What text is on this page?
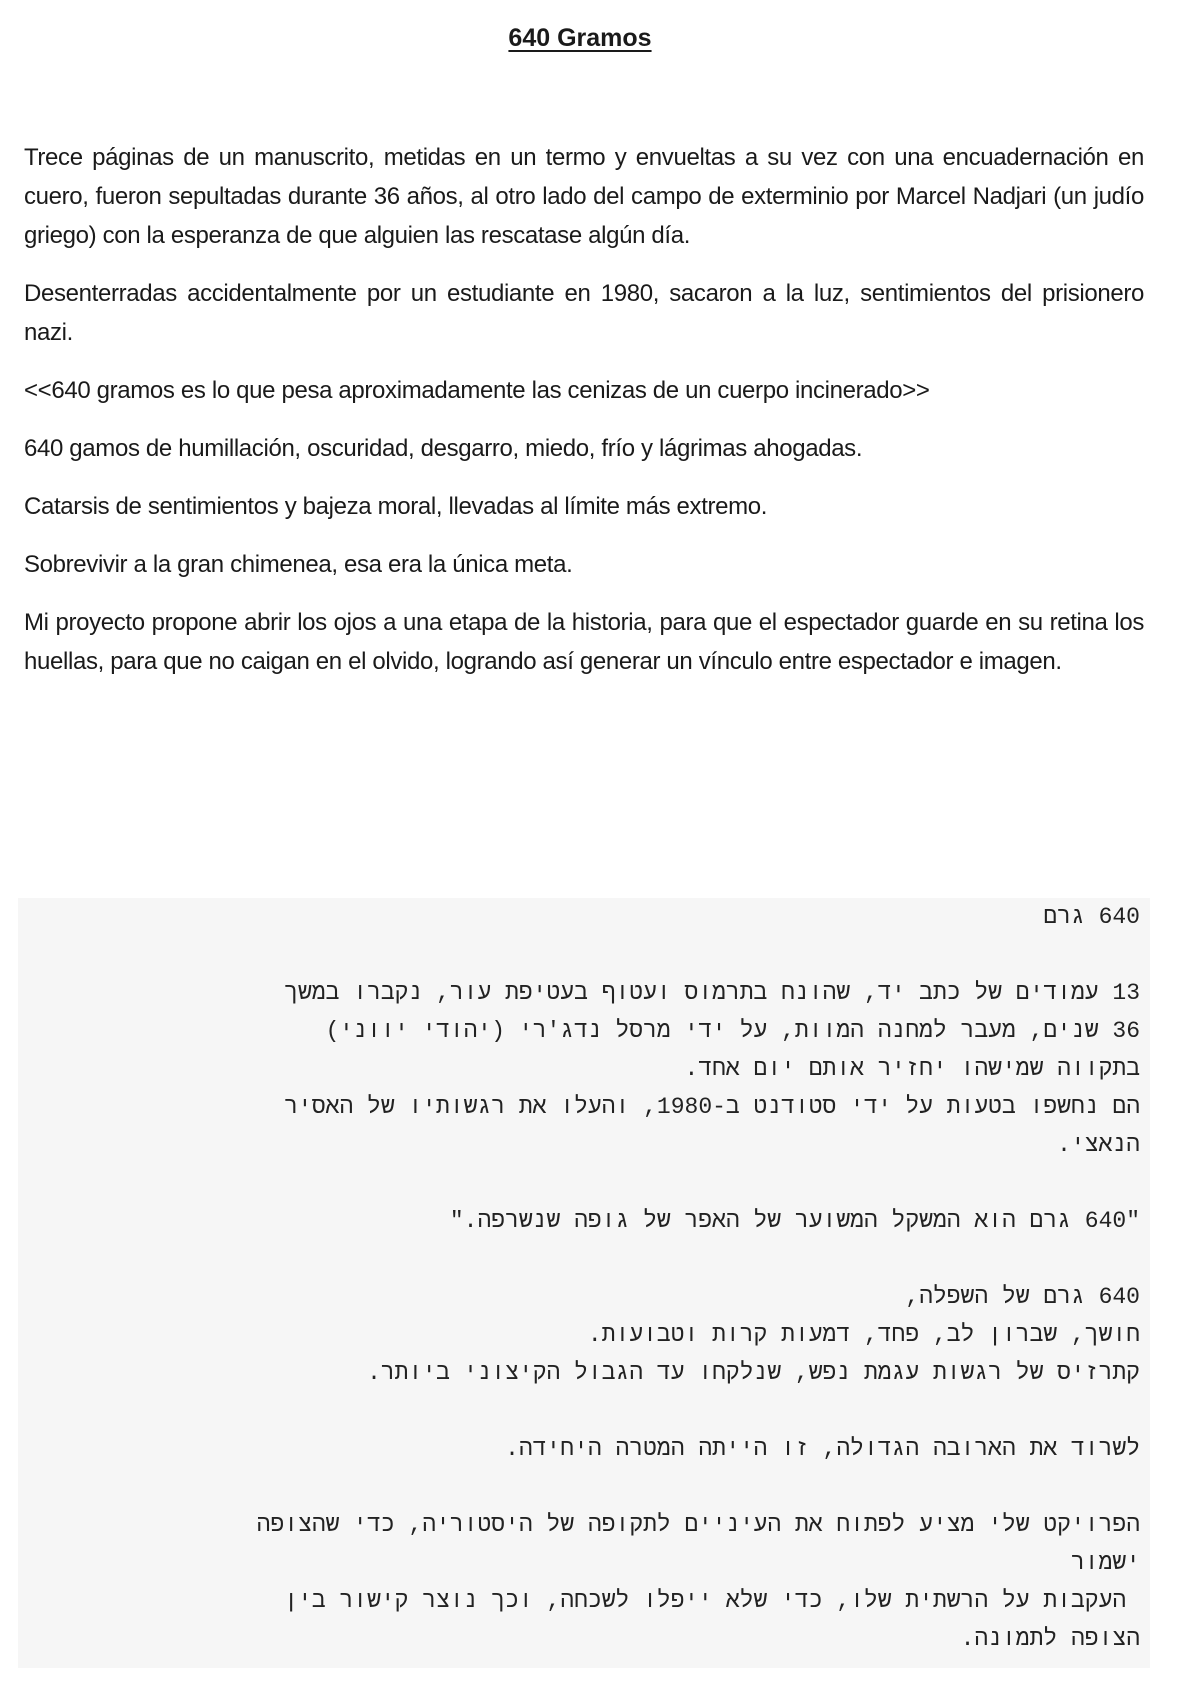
640 Gramos

Trece páginas de un manuscrito, metidas en un termo y envueltas a su vez con una encuadernación en cuero, fueron sepultadas durante 36 años, al otro lado del campo de exterminio por Marcel Nadjari (un judío griego) con la esperanza de que alguien las rescatase algún día.

Desenterradas accidentalmente por un estudiante en 1980, sacaron a la luz, sentimientos del prisionero nazi.

<<640 gramos es lo que pesa aproximadamente las cenizas de un cuerpo incinerado>>

640 gamos de humillación, oscuridad, desgarro, miedo, frío y lágrimas ahogadas.

Catarsis de sentimientos y bajeza moral, llevadas al límite más extremo.

Sobrevivir a la gran chimenea, esa era la única meta.

Mi proyecto propone abrir los ojos a una etapa de la historia, para que el espectador guarde en su retina los huellas, para que no caigan en el olvido, logrando así generar un vínculo entre espectador e imagen.

640 גרם
13 עמודים של כתב יד, שהונח בתרמוס ועטוף בעטיפת עור, נקברו במשך
36 שנים, מעבר למחנה המוות, על ידי מרסל נדג'רי (יהודי יווני)
בתקווה שמישהו יחזיר אותם יום אחד.
הם נחשפו בטעות על ידי סטודנט ב-1980, והעלו את רגשותיו של האסיר
הנאצי.
"640 גרם הוא המשקל המשוער של האפר של גופה שנשרפה."
640 גרם של השפלה,
חושך, שברון לב, פחד, דמעות קרות וטבועות.
קתרזיס של רגשות עגמת נפש, שנלקחו עד הגבול הקיצוני ביותר.
לשרוד את הארובה הגדולה, זו הייתה המטרה היחידה.
הפרויקט שלי מציע לפתוח את העיניים לתקופה של היסטוריה, כדי שהצופה
ישמור
העקבות על הרשתית שלו, כדי שלא ייפלו לשכחה, וכך נוצר קישור בין
הצופה לתמונה.
